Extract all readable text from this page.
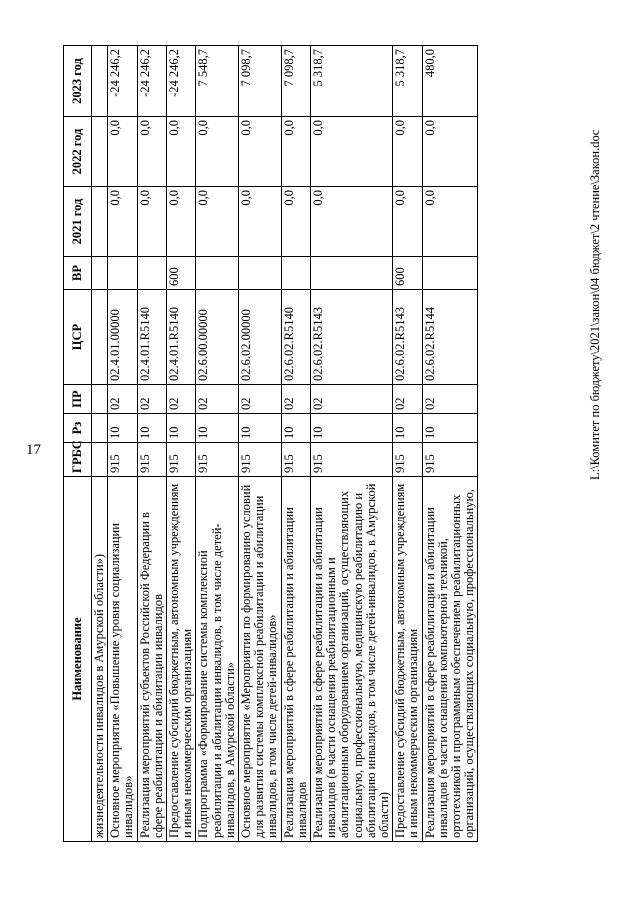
17
Наименование	ГРБС	Рз	ПР	ЦСР	ВР	2021 год	2022 год	2023 год
жизнедеятельности инвалидов в Амурской области»)								
Основное мероприятие «Повышение уровня социализации инвалидов»	915	10	02	02.4.01.00000		0,0	0,0	-24 246,2
Реализация мероприятий субъектов Российской Федерации в сфере реабилитации и абилитации инвалидов	915	10	02	02.4.01.R5140		0,0	0,0	-24 246,2
Предоставление субсидий бюджетным, автономным учреждениям и иным некоммерческим организациям	915	10	02	02.4.01.R5140	600	0,0	0,0	-24 246,2
Подпрограмма «Формирование системы комплексной реабилитации и абилитации инвалидов, в том числе детей-инвалидов, в Амурской области»	915	10	02	02.6.00.00000		0,0	0,0	7 548,7
Основное мероприятие «Мероприятия по формированию условий для развития системы комплексной реабилитации и абилитации инвалидов, в том числе детей-инвалидов»	915	10	02	02.6.02.00000		0,0	0,0	7 098,7
Реализация мероприятий в сфере реабилитации и абилитации инвалидов	915	10	02	02.6.02.R5140		0,0	0,0	7 098,7
Реализация мероприятий в сфере реабилитации и абилитации инвалидов (в части оснащения реабилитационным и абилитационным оборудованием организаций, осуществляющих социальную, профессиональную, медицинскую реабилитацию и абилитацию инвалидов, в том числе детей-инвалидов, в Амурской области)	915	10	02	02.6.02.R5143		0,0	0,0	5 318,7
Предоставление субсидий бюджетным, автономным учреждениям и иным некоммерческим организациям	915	10	02	02.6.02.R5143	600	0,0	0,0	5 318,7
Реализация мероприятий в сфере реабилитации и абилитации инвалидов (в части оснащения компьютерной техникой, ортотехникой и программным обеспечением реабилитационных организаций, осуществляющих социальную, профессиональную,	915	10	02	02.6.02.R5144		0,0	0,0	480,0
L:\Комитет по бюджету\2021\закон\04 бюджет\2 чтение\Закон.doc
